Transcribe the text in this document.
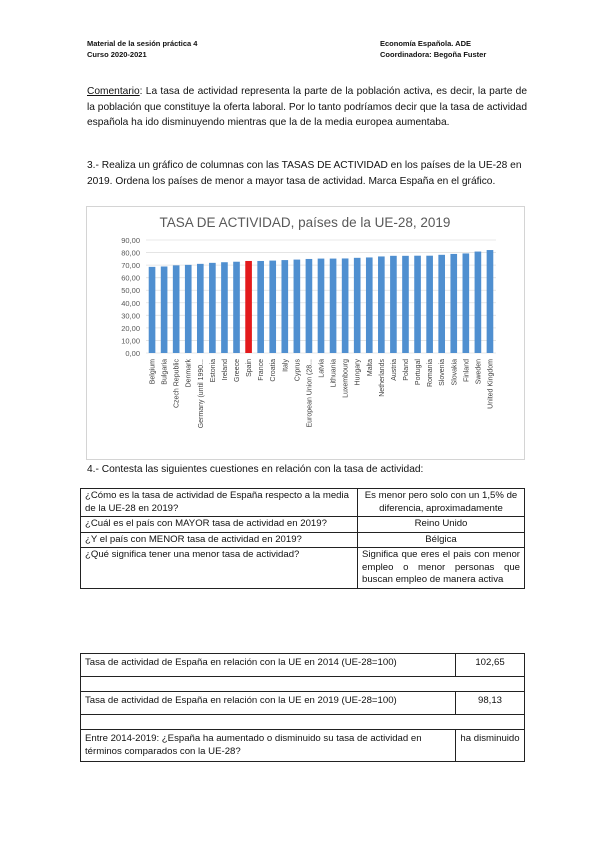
Material de la sesión práctica 4
Curso 2020-2021
Economía Española. ADE
Coordinadora: Begoña Fuster
Comentario: La tasa de actividad representa la parte de la población activa, es decir, la parte de la población que constituye la oferta laboral. Por lo tanto podríamos decir que la tasa de actividad española ha ido disminuyendo mientras que la de la media europea aumentaba.
3.- Realiza un gráfico de columnas con las TASAS DE ACTIVIDAD en los países de la UE-28 en 2019. Ordena los países de menor a mayor tasa de actividad. Marca España en el gráfico.
TASA DE ACTIVIDAD, países de la UE-28, 2019
0,00
10,00
20,00
30,00
40,00
50,00
60,00
70,00
80,00
90,00
Belgium Bulgaria Czech Republic Denmark Germany (until 1990... Estonia Ireland Greece Spain France Croatia Italy Cyprus European Union (28... Latvia Lithuania Luxembourg Hungary Malta Netherlands Austria Poland Portugal Romania Slovenia Slovakia Finland Sweden United Kingdom
4.- Contesta las siguientes cuestiones en relación con la tasa de actividad:
¿Cómo es la tasa de actividad de España respecto a la media de la UE-28 en 2019?	Es menor pero solo con un 1,5% de diferencia, aproximadamente
¿Cuál es el país con MAYOR tasa de actividad en 2019?	Reino Unido
¿Y el país con MENOR tasa de actividad en 2019?	Bélgica
¿Qué significa tener una menor tasa de actividad?	Significa que eres el pais con menor empleo o menor personas que buscan empleo de manera activa
Tasa de actividad de España en relación con la UE en 2014 (UE-28=100)	102,65

Tasa de actividad de España en relación con la UE en 2019 (UE-28=100)	98,13

Entre 2014-2019: ¿España ha aumentado o disminuido su tasa de actividad en términos comparados con la UE-28?	ha disminuido
